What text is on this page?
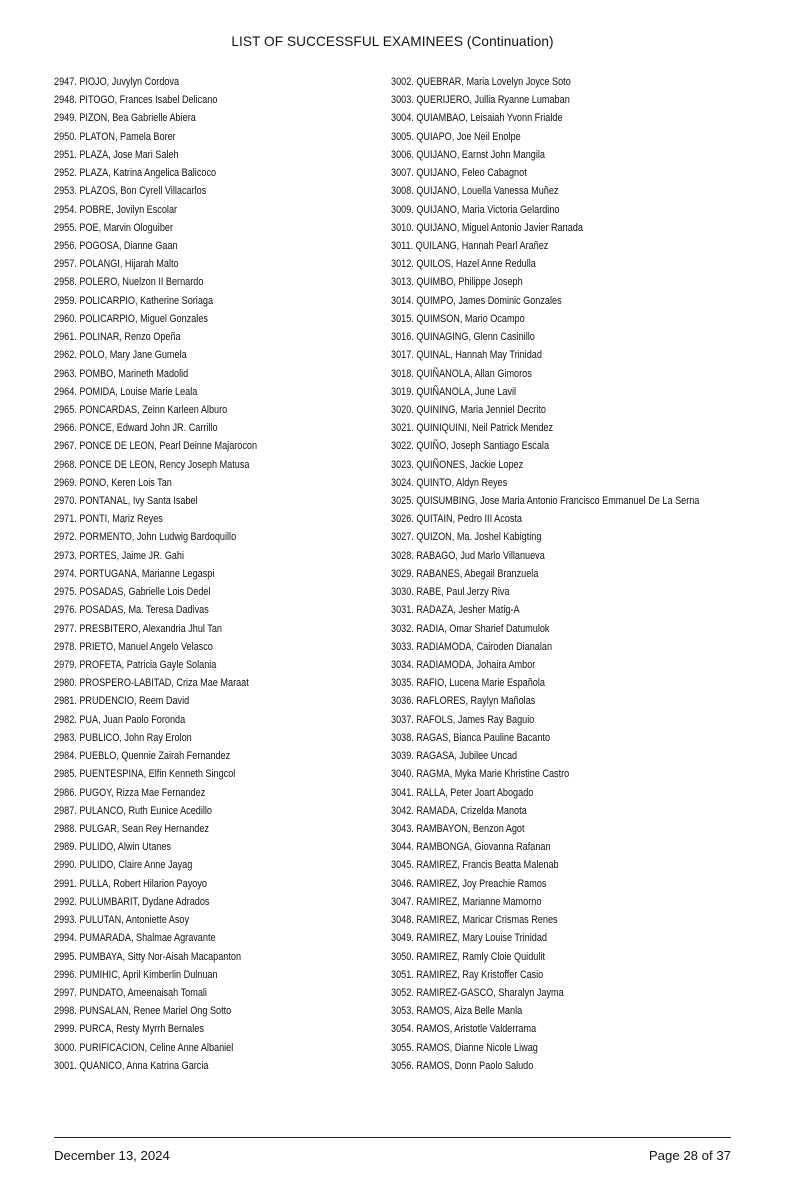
LIST OF SUCCESSFUL EXAMINEES (Continuation)
2947. PIOJO, Juvylyn Cordova
2948. PITOGO, Frances Isabel Delicano
2949. PIZON, Bea Gabrielle Abiera
2950. PLATON, Pamela Borer
2951. PLAZA, Jose Mari Saleh
2952. PLAZA, Katrina Angelica Balicoco
2953. PLAZOS, Bon Cyrell Villacarlos
2954. POBRE, Jovilyn Escolar
2955. POE, Marvin Ologuiber
2956. POGOSA, Dianne Gaan
2957. POLANGI, Hijarah Malto
2958. POLERO, Nuelzon II Bernardo
2959. POLICARPIO, Katherine Soriaga
2960. POLICARPIO, Miguel Gonzales
2961. POLINAR, Renzo Opeña
2962. POLO, Mary Jane Gumela
2963. POMBO, Marineth Madolid
2964. POMIDA, Louise Marie Leala
2965. PONCARDAS, Zeinn Karleen Alburo
2966. PONCE, Edward John JR. Carrillo
2967. PONCE DE LEON, Pearl Deinne Majarocon
2968. PONCE DE LEON, Rency Joseph Matusa
2969. PONO, Keren Lois Tan
2970. PONTANAL, Ivy Santa Isabel
2971. PONTI, Mariz Reyes
2972. PORMENTO, John Ludwig Bardoquillo
2973. PORTES, Jaime JR. Gahi
2974. PORTUGANA, Marianne Legaspi
2975. POSADAS, Gabrielle Lois Dedel
2976. POSADAS, Ma. Teresa Dadivas
2977. PRESBITERO, Alexandria Jhul Tan
2978. PRIETO, Manuel Angelo Velasco
2979. PROFETA, Patricia Gayle Solania
2980. PROSPERO-LABITAD, Criza Mae Maraat
2981. PRUDENCIO, Reem David
2982. PUA, Juan Paolo Foronda
2983. PUBLICO, John Ray Erolon
2984. PUEBLO, Quennie Zairah Fernandez
2985. PUENTESPINA, Elfin Kenneth Singcol
2986. PUGOY, Rizza Mae Fernandez
2987. PULANCO, Ruth Eunice Acedillo
2988. PULGAR, Sean Rey Hernandez
2989. PULIDO, Alwin Utanes
2990. PULIDO, Claire Anne Jayag
2991. PULLA, Robert Hilarion Payoyo
2992. PULUMBARIT, Dydane Adrados
2993. PULUTAN, Antoniette Asoy
2994. PUMARADA, Shalmae Agravante
2995. PUMBAYA, Sitty Nor-Aisah Macapanton
2996. PUMIHIC, April Kimberlin Dulnuan
2997. PUNDATO, Ameenaisah Tomali
2998. PUNSALAN, Renee Mariel Ong Sotto
2999. PURCA, Resty Myrrh Bernales
3000. PURIFICACION, Celine Anne Albaniel
3001. QUANICO, Anna Katrina Garcia
3002. QUEBRAR, Maria Lovelyn Joyce Soto
3003. QUERIJERO, Jullia Ryanne Lumaban
3004. QUIAMBAO, Leisaiah Yvonn Frialde
3005. QUIAPO, Joe Neil Enolpe
3006. QUIJANO, Earnst John Mangila
3007. QUIJANO, Feleo Cabagnot
3008. QUIJANO, Louella Vanessa Muñez
3009. QUIJANO, Maria Victoria Gelardino
3010. QUIJANO, Miguel Antonio Javier Ranada
3011. QUILANG, Hannah Pearl Arañez
3012. QUILOS, Hazel Anne Redulla
3013. QUIMBO, Philippe Joseph
3014. QUIMPO, James Dominic Gonzales
3015. QUIMSON, Mario Ocampo
3016. QUINAGING, Glenn Casinillo
3017. QUINAL, Hannah May Trinidad
3018. QUIÑANOLA, Allan Gimoros
3019. QUIÑANOLA, June Lavil
3020. QUINING, Maria Jenniel Decrito
3021. QUINIQUINI, Neil Patrick Mendez
3022. QUIÑO, Joseph Santiago Escala
3023. QUIÑONES, Jackie Lopez
3024. QUINTO, Aldyn Reyes
3025. QUISUMBING, Jose Maria Antonio Francisco Emmanuel De La Serna
3026. QUITAIN, Pedro III Acosta
3027. QUIZON, Ma. Joshel Kabigting
3028. RABAGO, Jud Marlo Villanueva
3029. RABANES, Abegail Branzuela
3030. RABE, Paul Jerzy Riva
3031. RADAZA, Jesher Matig-A
3032. RADIA, Omar Sharief Datumulok
3033. RADIAMODA, Cairoden Dianalan
3034. RADIAMODA, Johaira Ambor
3035. RAFIO, Lucena Marie Española
3036. RAFLORES, Raylyn Mañolas
3037. RAFOLS, James Ray Baguio
3038. RAGAS, Bianca Pauline Bacanto
3039. RAGASA, Jubilee Uncad
3040. RAGMA, Myka Marie Khristine Castro
3041. RALLA, Peter Joart Abogado
3042. RAMADA, Crizelda Manota
3043. RAMBAYON, Benzon Agot
3044. RAMBONGA, Giovanna Rafanan
3045. RAMIREZ, Francis Beatta Malenab
3046. RAMIREZ, Joy Preachie Ramos
3047. RAMIREZ, Marianne Mamorno
3048. RAMIREZ, Maricar Crismas Renes
3049. RAMIREZ, Mary Louise Trinidad
3050. RAMIREZ, Ramly Cloie Quidulit
3051. RAMIREZ, Ray Kristoffer Casio
3052. RAMIREZ-GASCO, Sharalyn Jayma
3053. RAMOS, Aiza Belle Manla
3054. RAMOS, Aristotle Valderrama
3055. RAMOS, Dianne Nicole Liwag
3056. RAMOS, Donn Paolo Saludo
December 13, 2024	Page 28 of 37
